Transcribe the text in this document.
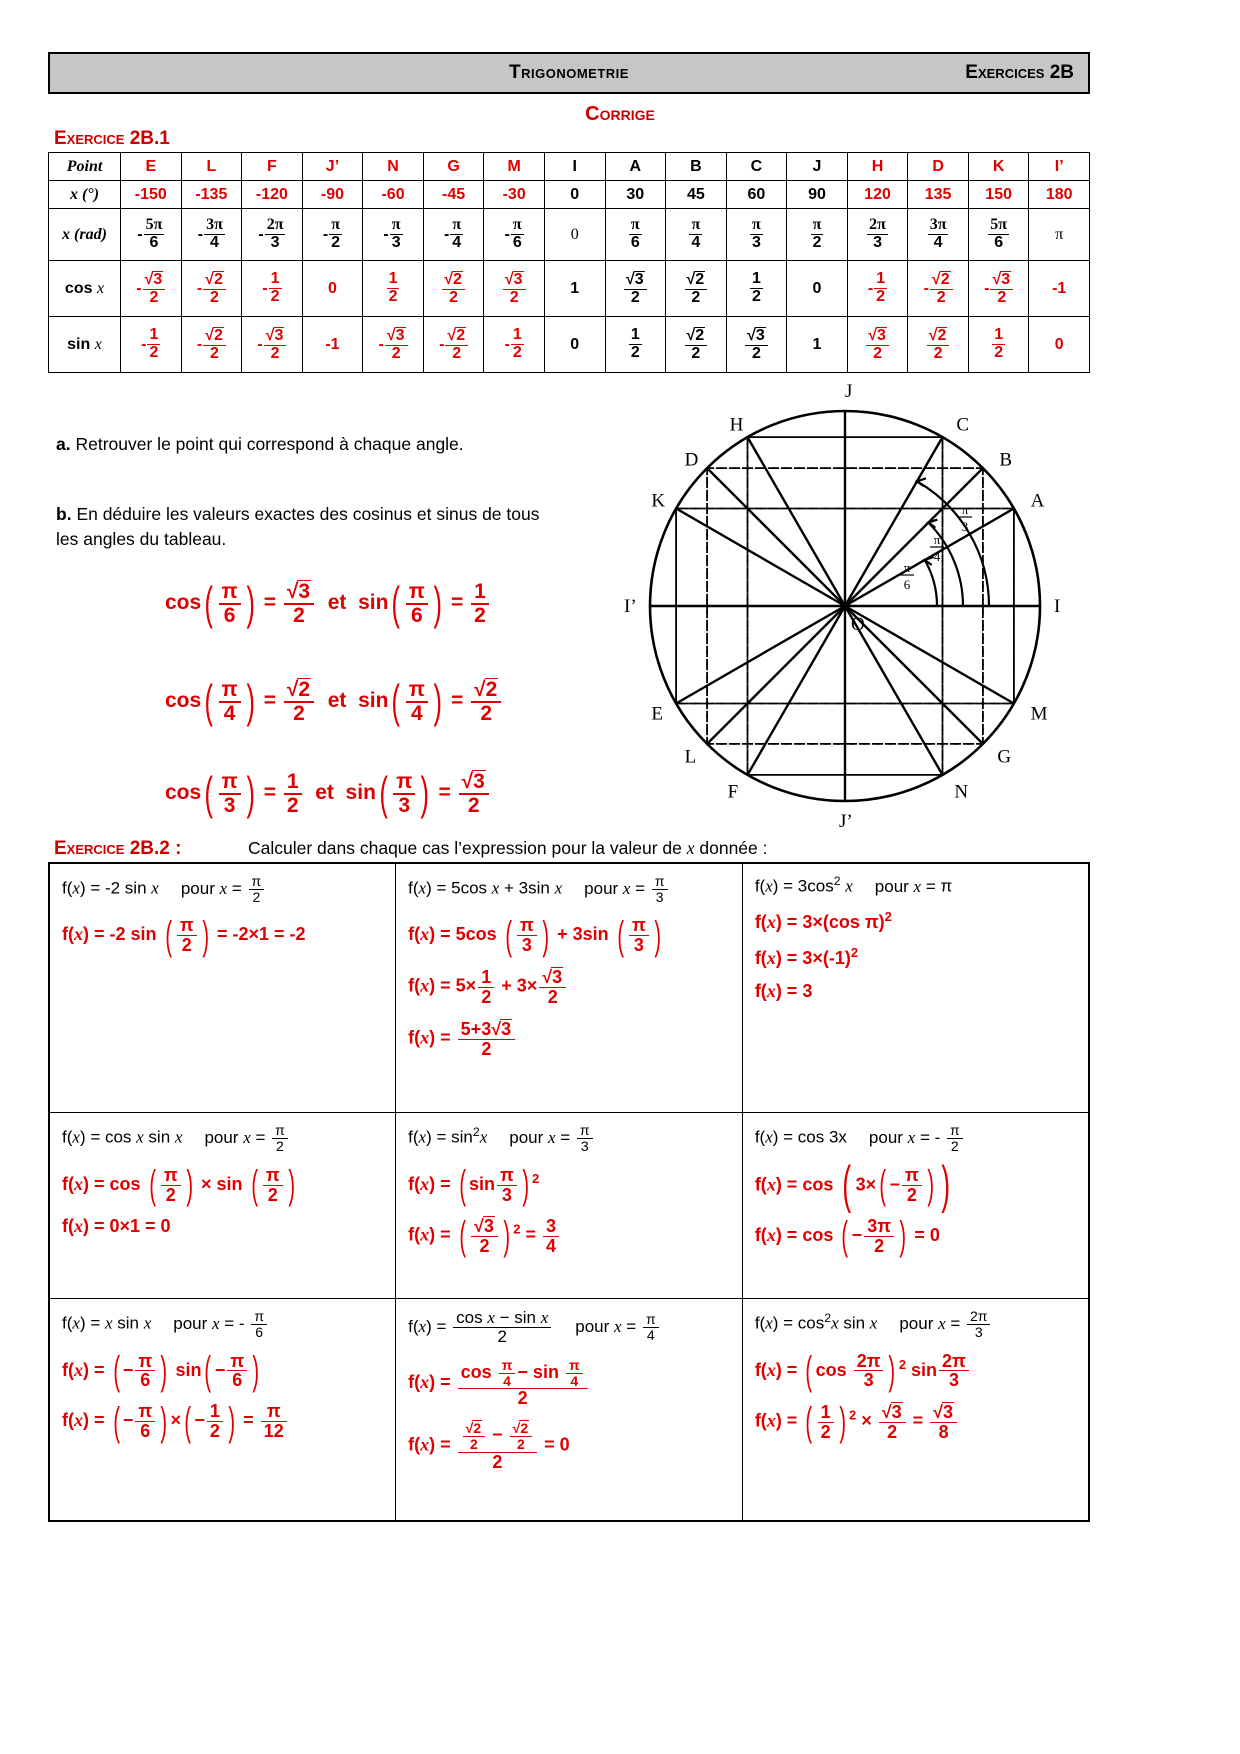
Trigonometrie	Exercices 2B
Corrige
Exercice 2B.1
Point	E	L	F	J’	N	G	M	I	A	B	C	J	H	D	K	I’
x (°)	-150	-135	-120	-90	-60	-45	-30	0	30	45	60	90	120	135	150	180
x (rad)	- $\frac{5\pi}{6}$	- $\frac{3\pi}{4}$	- $\frac{2\pi}{3}$	- $\frac{\pi}{2}$	- $\frac{\pi}{3}$	- $\frac{\pi}{4}$	- $\frac{\pi}{6}$	0	$\frac{\pi}{6}$	$\frac{\pi}{4}$	$\frac{\pi}{3}$	$\frac{\pi}{2}$	$\frac{2\pi}{3}$	$\frac{3\pi}{4}$	$\frac{5\pi}{6}$	π
cos x	- $\frac{√3}{2}$	- $\frac{√2}{2}$	- $\frac{1}{2}$	0	$\frac{1}{2}$	$\frac{√2}{2}$	$\frac{√3}{2}$	1	$\frac{√3}{2}$	$\frac{√2}{2}$	$\frac{1}{2}$	0	- $\frac{1}{2}$	- $\frac{√2}{2}$	- $\frac{√3}{2}$	-1
sin x	- $\frac{1}{2}$	- $\frac{√2}{2}$	- $\frac{√3}{2}$	-1	- $\frac{√3}{2}$	- $\frac{√2}{2}$	- $\frac{1}{2}$	0	$\frac{1}{2}$	$\frac{√2}{2}$	$\frac{√3}{2}$	1	$\frac{√3}{2}$	$\frac{√2}{2}$	$\frac{1}{2}$	0
a. Retrouver le point qui correspond à chaque angle.
b. En déduire les valeurs exactes des cosinus et sinus de tous les angles du tableau.
$\cos( \frac{\pi}{6}$ ) = $\frac{√3}{2}$ et  $\sin( \frac{\pi}{6}$ ) = $\frac{1}{2}$
$\cos( \frac{\pi}{4}$ ) = $\frac{√2}{2}$ et  $\sin( \frac{\pi}{4}$ ) = $\frac{√2}{2}$
$\cos( \frac{\pi}{3}$ ) = $\frac{1}{2}$ et  $\sin( \frac{\pi}{3}$ ) = $\frac{√3}{2}$
J
H	C
D	B
K	A
I’	I
O
E	M
L	G
F	N
J’
π
6
π
4
π
3
Exercice 2B.2 :	Calculer dans chaque cas l’expression pour la valeur de x donnée :
f(x) = -2 sin x pour $x = \frac{\pi}{2}$
f(x) = -2 sin ( $\frac{\pi}{2}$ ) = -2×1 = -2

f(x) = 5cos x + 3sin x pour $x = \frac{\pi}{3}$
f(x) = 5cos ( $\frac{\pi}{3}$ ) + 3sin ( $\frac{\pi}{3}$ )
$f(x) = 5\times \frac{1}{2} + 3\times \frac{√3}{2}$
$f(x) = \frac{5+3√3}{2}$

$f(x) = 3\cos^2$ x pour x = π
f(x) = 3×(cos π)$^2$
$f(x) = 3\times(-1)^2$
f(x) = 3

f(x) = cos x sin x pour $x = \frac{\pi}{2}$
f(x) = cos ( $\frac{\pi}{2}$ ) × sin ( $\frac{\pi}{2}$ )
f(x) = 0×1 = 0

$f(x) = \sin^2x$ pour $x = \frac{\pi}{3}$
f(x) = ( $\sin \frac{\pi}{3}$ ) $^2$
f(x) = ( $\frac{√3}{2}$ ) $^2 = \frac{3}{4}$

f(x) = cos 3x pour x = - $\frac{\pi}{2}$
f(x) = cos ( $3\times( - \frac{\pi}{2}$ ) )
f(x) = cos ( − $\frac{3\pi}{2}$ ) = 0

f(x) = x sin x pour x = - $\frac{\pi}{6}$
f(x) = ( − $\frac{\pi}{6}$ ) $\sin( - \frac{\pi}{6}$ )
f(x) = ( − $\frac{\pi}{6}$ ) ×( − $\frac{1}{2}$ ) = $\frac{\pi}{12}$

$f(x) = \frac{\text{cos x − sin x}}{2}$ pour $x = \frac{\pi}{4}$
$f(x) = \frac{\cos \frac{\pi}{4} - \sin \frac{\pi}{4}}{2}$
$f(x) = \frac{\frac{√2}{2} - \frac{√2}{2}}{2} = 0$

$f(x) = \cos^2x$ sin x pour $x = \frac{2\pi}{3}$
f(x) = ( $\cos \frac{2\pi}{3}$ ) $^2$ $\sin \frac{2\pi}{3}$
f(x) = ( $\frac{1}{2}$ ) $^2 \times \frac{√3}{2} = \frac{√3}{8}$
